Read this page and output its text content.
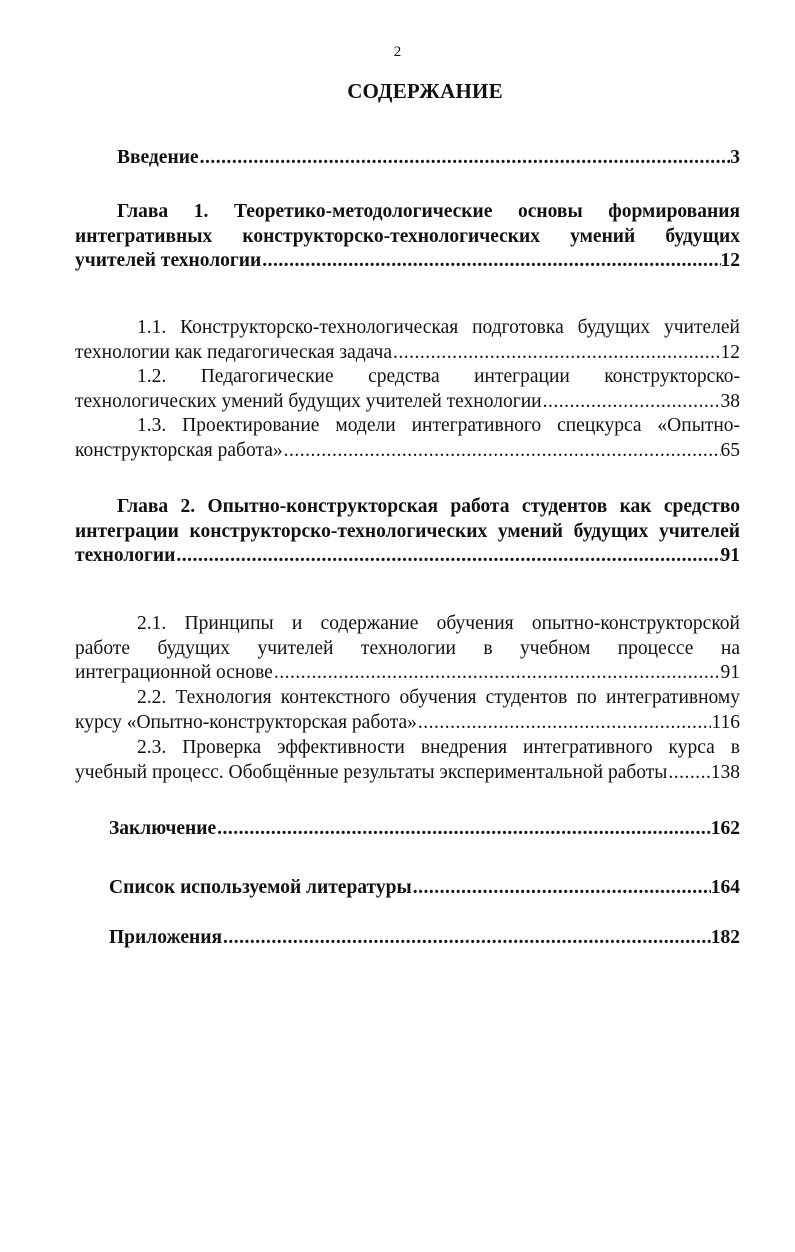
2
СОДЕРЖАНИЕ
Введение .....	3
Глава 1. Теоретико-методологические основы формирования
интегративных конструкторско-технологических умений будущих
учителей технологии .....	12
1.1. Конструкторско-технологическая подготовка будущих учителей
технологии как педагогическая задача .....	12
1.2. Педагогические средства интеграции конструкторско-
технологических умений будущих учителей технологии .....	38
1.3. Проектирование модели интегративного спецкурса «Опытно-
конструкторская работа» .....	65
Глава 2. Опытно-конструкторская работа студентов как средство
интеграции конструкторско-технологических умений будущих учителей
технологии .....	91
2.1. Принципы и содержание обучения опытно-конструкторской
работе будущих учителей технологии в учебном процессе на
интеграционной основе .....	91
2.2. Технология контекстного обучения студентов по интегративному
курсу «Опытно-конструкторская работа» .....	116
2.3. Проверка эффективности внедрения интегративного курса в
учебный процесс. Обобщённые результаты экспериментальной работы ..... 138
Заключение .....	162
Список используемой литературы .....	164
Приложения .....	182
